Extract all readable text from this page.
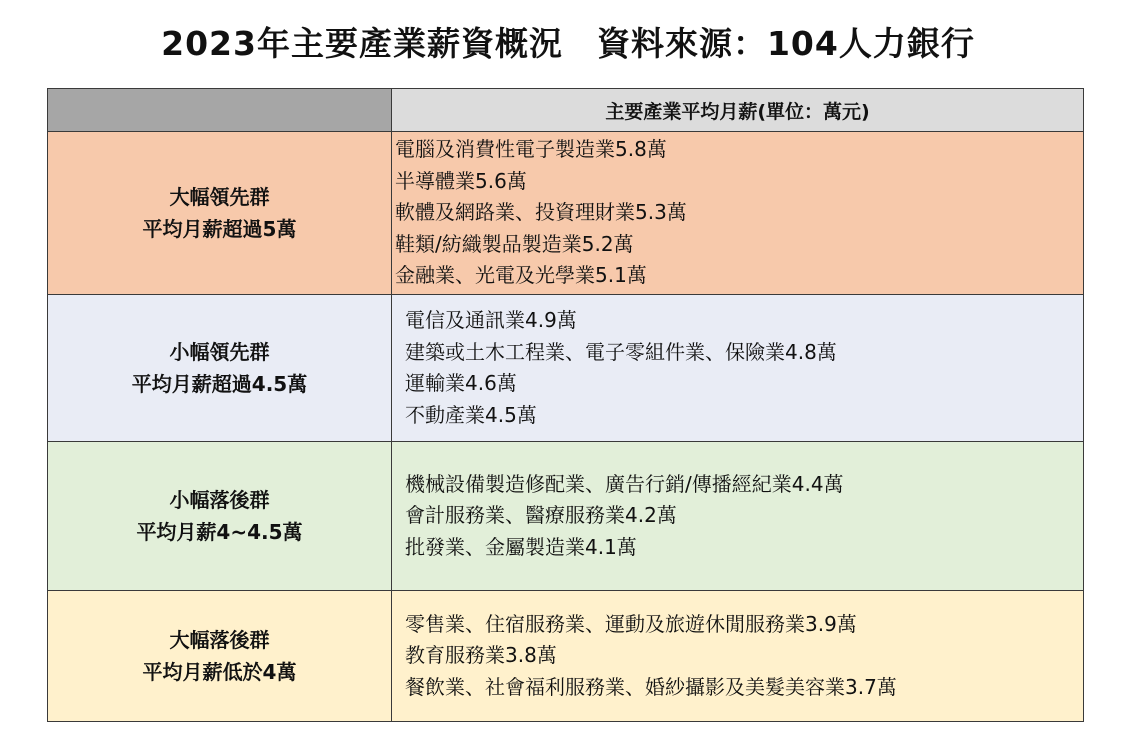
2023年主要產業薪資概況　資料來源：104人力銀行
	主要產業平均月薪(單位：萬元)

大幅領先群
平均月薪超過5萬	電腦及消費性電子製造業5.8萬
半導體業5.6萬
軟體及網路業、投資理財業5.3萬
鞋類/紡織製品製造業5.2萬
金融業、光電及光學業5.1萬

小幅領先群
平均月薪超過4.5萬	電信及通訊業4.9萬
建築或土木工程業、電子零組件業、保險業4.8萬
運輸業4.6萬
不動產業4.5萬

小幅落後群
平均月薪4~4.5萬	機械設備製造修配業、廣告行銷/傳播經紀業4.4萬
會計服務業、醫療服務業4.2萬
批發業、金屬製造業4.1萬

大幅落後群
平均月薪低於4萬	零售業、住宿服務業、運動及旅遊休閒服務業3.9萬
教育服務業3.8萬
餐飲業、社會福利服務業、婚紗攝影及美髮美容業3.7萬
